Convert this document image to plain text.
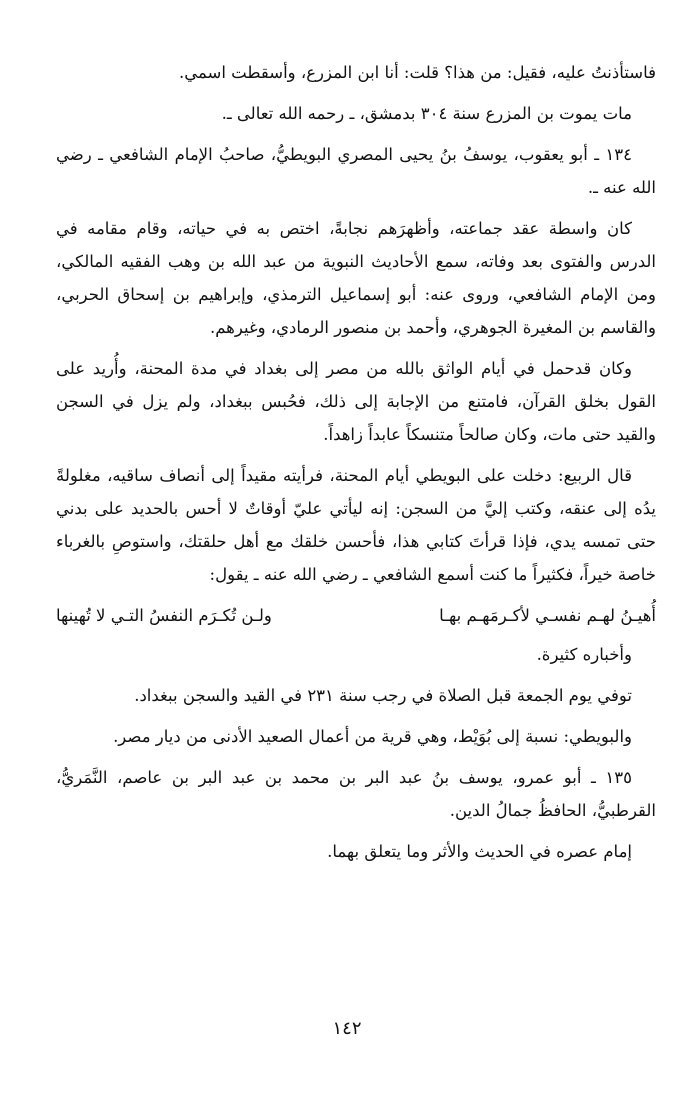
فاستأذنتُ عليه، فقيل: من هذا؟ قلت: أنا ابن المزرع، وأسقطت اسمي.

مات يموت بن المزرع سنة ٣٠٤ بدمشق، ـ رحمه الله تعالى ـ.

١٣٤ ـ أبو يعقوب، يوسفُ بنُ يحيى المصري البويطيُّ، صاحبُ الإمام الشافعي ـ رضي الله عنه ـ.

كان واسطة عقد جماعته، وأظهرَهم نجابةً، اختص به في حياته، وقام مقامه في الدرس والفتوى بعد وفاته، سمع الأحاديث النبوية من عبد الله بن وهب الفقيه المالكي، ومن الإمام الشافعي، وروى عنه: أبو إسماعيل الترمذي، وإبراهيم بن إسحاق الحربي، والقاسم بن المغيرة الجوهري، وأحمد بن منصور الرمادي، وغيرهم.

وكان قدحمل في أيام الواثق بالله من مصر إلى بغداد في مدة المحنة، وأُريد على القول بخلق القرآن، فامتنع من الإجابة إلى ذلك، فحُبس ببغداد، ولم يزل في السجن والقيد حتى مات، وكان صالحاً متنسكاً عابداً زاهداً.

قال الربيع: دخلت على البويطي أيام المحنة، فرأيته مقيداً إلى أنصاف ساقيه، مغلولةً يدُه إلى عنقه، وكتب إليَّ من السجن: إنه ليأتي عليّ أوقاتٌ لا أحس بالحديد على بدني حتى تمسه يدي، فإذا قرأتَ كتابي هذا، فأحسن خلقك مع أهل حلقتك، واستوصِ بالغرباء خاصة خيراً، فكثيراً ما كنت أسمع الشافعي ـ رضي الله عنه ـ يقول:

أُهيـنُ لهـم نفسـي لأكـرمَهـم بهـا
ولـن تُكـرَم النفسُ التـي لا تُهينها

وأخباره كثيرة.

توفي يوم الجمعة قبل الصلاة في رجب سنة ٢٣١ في القيد والسجن ببغداد.

والبويطي: نسبة إلى بُوَيْط، وهي قرية من أعمال الصعيد الأدنى من ديار مصر.

١٣٥ ـ أبو عمرو، يوسف بنُ عبد البر بن محمد بن عبد البر بن عاصم، النَّمَريُّ، القرطبيُّ، الحافظُ جمالُ الدين.

إمام عصره في الحديث والأثر وما يتعلق بهما.

١٤٢
